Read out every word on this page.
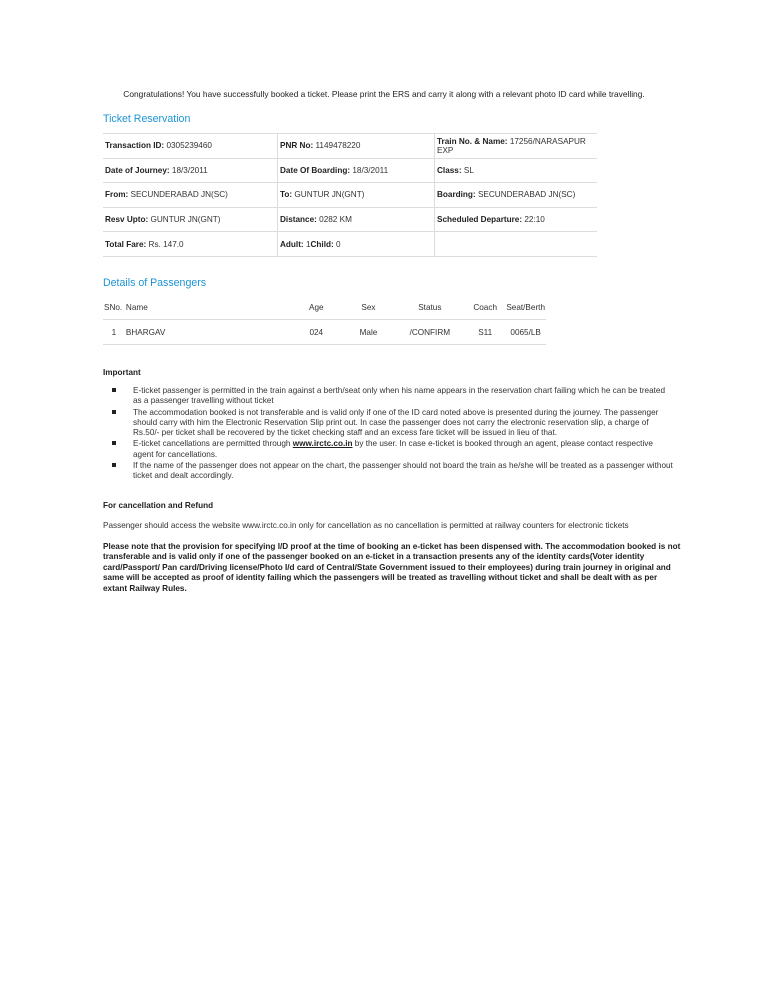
Congratulations! You have successfully booked a ticket. Please print the ERS and carry it along with a relevant photo ID card while travelling.
Ticket Reservation
Transaction ID: 0305239460	PNR No: 1149478220	Train No. & Name: 17256/NARASAPUR EXP
Date of Journey: 18/3/2011	Date Of Boarding: 18/3/2011	Class: SL
From: SECUNDERABAD JN(SC)	To: GUNTUR JN(GNT)	Boarding: SECUNDERABAD JN(SC)
Resv Upto: GUNTUR JN(GNT)	Distance: 0282 KM	Scheduled Departure: 22:10
Total Fare: Rs. 147.0	Adult: 1Child: 0	
Details of Passengers
SNo.	Name	Age	Sex	Status	Coach	Seat/Berth
1	BHARGAV	024	Male	/CONFIRM	S11	0065/LB
Important
E-ticket passenger is permitted in the train against a berth/seat only when his name appears in the reservation chart failing which he can be treated as a passenger travelling without ticket
The accommodation booked is not transferable and is valid only if one of the ID card noted above is presented during the journey. The passenger should carry with him the Electronic Reservation Slip print out. In case the passenger does not carry the electronic reservation slip, a charge of Rs.50/- per ticket shall be recovered by the ticket checking staff and an excess fare ticket will be issued in lieu of that.
E-ticket cancellations are permitted through www.irctc.co.in by the user. In case e-ticket is booked through an agent, please contact respective agent for cancellations.
If the name of the passenger does not appear on the chart, the passenger should not board the train as he/she will be treated as a passenger without ticket and dealt accordingly.
For cancellation and Refund
Passenger should access the website www.irctc.co.in only for cancellation as no cancellation is permitted at railway counters for electronic tickets
Please note that the provision for specifying I/D proof at the time of booking an e-ticket has been dispensed with. The accommodation booked is not transferable and is valid only if one of the passenger booked on an e-ticket in a transaction presents any of the identity cards(Voter identity card/Passport/ Pan card/Driving license/Photo I/d card of Central/State Government issued to their employees) during train journey in original and same will be accepted as proof of identity failing which the passengers will be treated as travelling without ticket and shall be dealt with as per extant Railway Rules.
